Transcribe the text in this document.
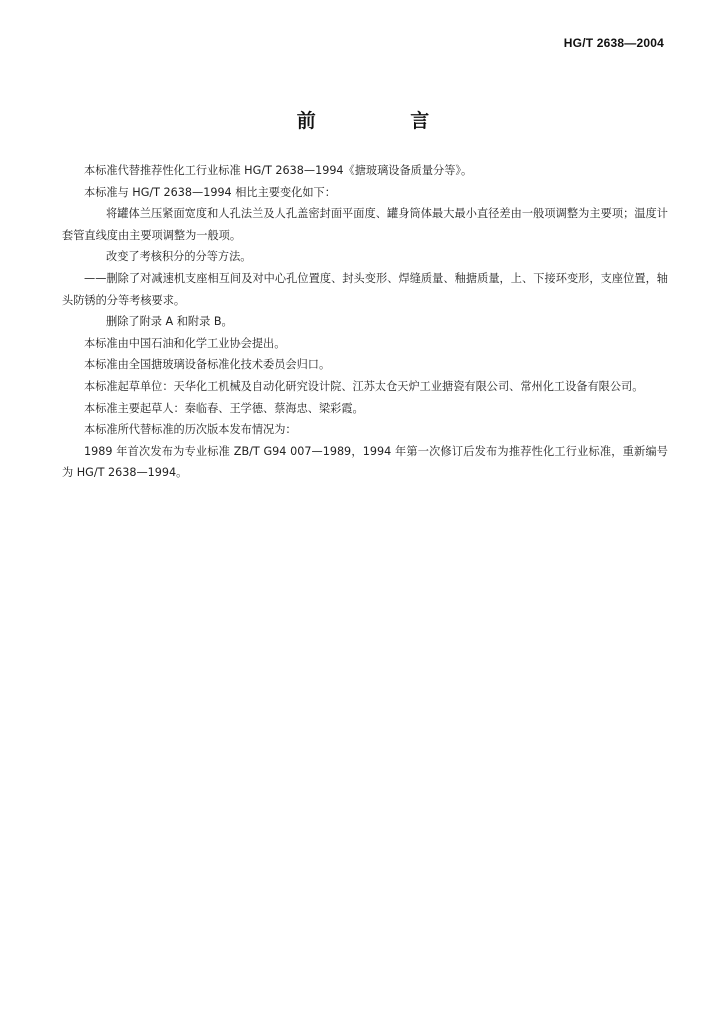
HG/T 2638—2004
前 言

本标准代替推荐性化工行业标准 HG/T 2638—1994《搪玻璃设备质量分等》。

本标准与 HG/T 2638—1994 相比主要变化如下：

将罐体兰压紧面宽度和人孔法兰及人孔盖密封面平面度、罐身筒体最大最小直径差由一般项调整为主要项；温度计套管直线度由主要项调整为一般项。

改变了考核积分的分等方法。

——删除了对减速机支座相互间及对中心孔位置度、封头变形、焊缝质量、釉搪质量，上、下接环变形，支座位置，轴头防锈的分等考核要求。

删除了附录 A 和附录 B。

本标准由中国石油和化学工业协会提出。

本标准由全国搪玻璃设备标准化技术委员会归口。

本标准起草单位：天华化工机械及自动化研究设计院、江苏太仓天炉工业搪瓷有限公司、常州化工设备有限公司。

本标准主要起草人：秦临春、王学德、蔡海忠、梁彩霞。

本标准所代替标准的历次版本发布情况为：

1989 年首次发布为专业标准 ZB/T G94 007—1989，1994 年第一次修订后发布为推荐性化工行业标准，重新编号为 HG/T 2638—1994。
